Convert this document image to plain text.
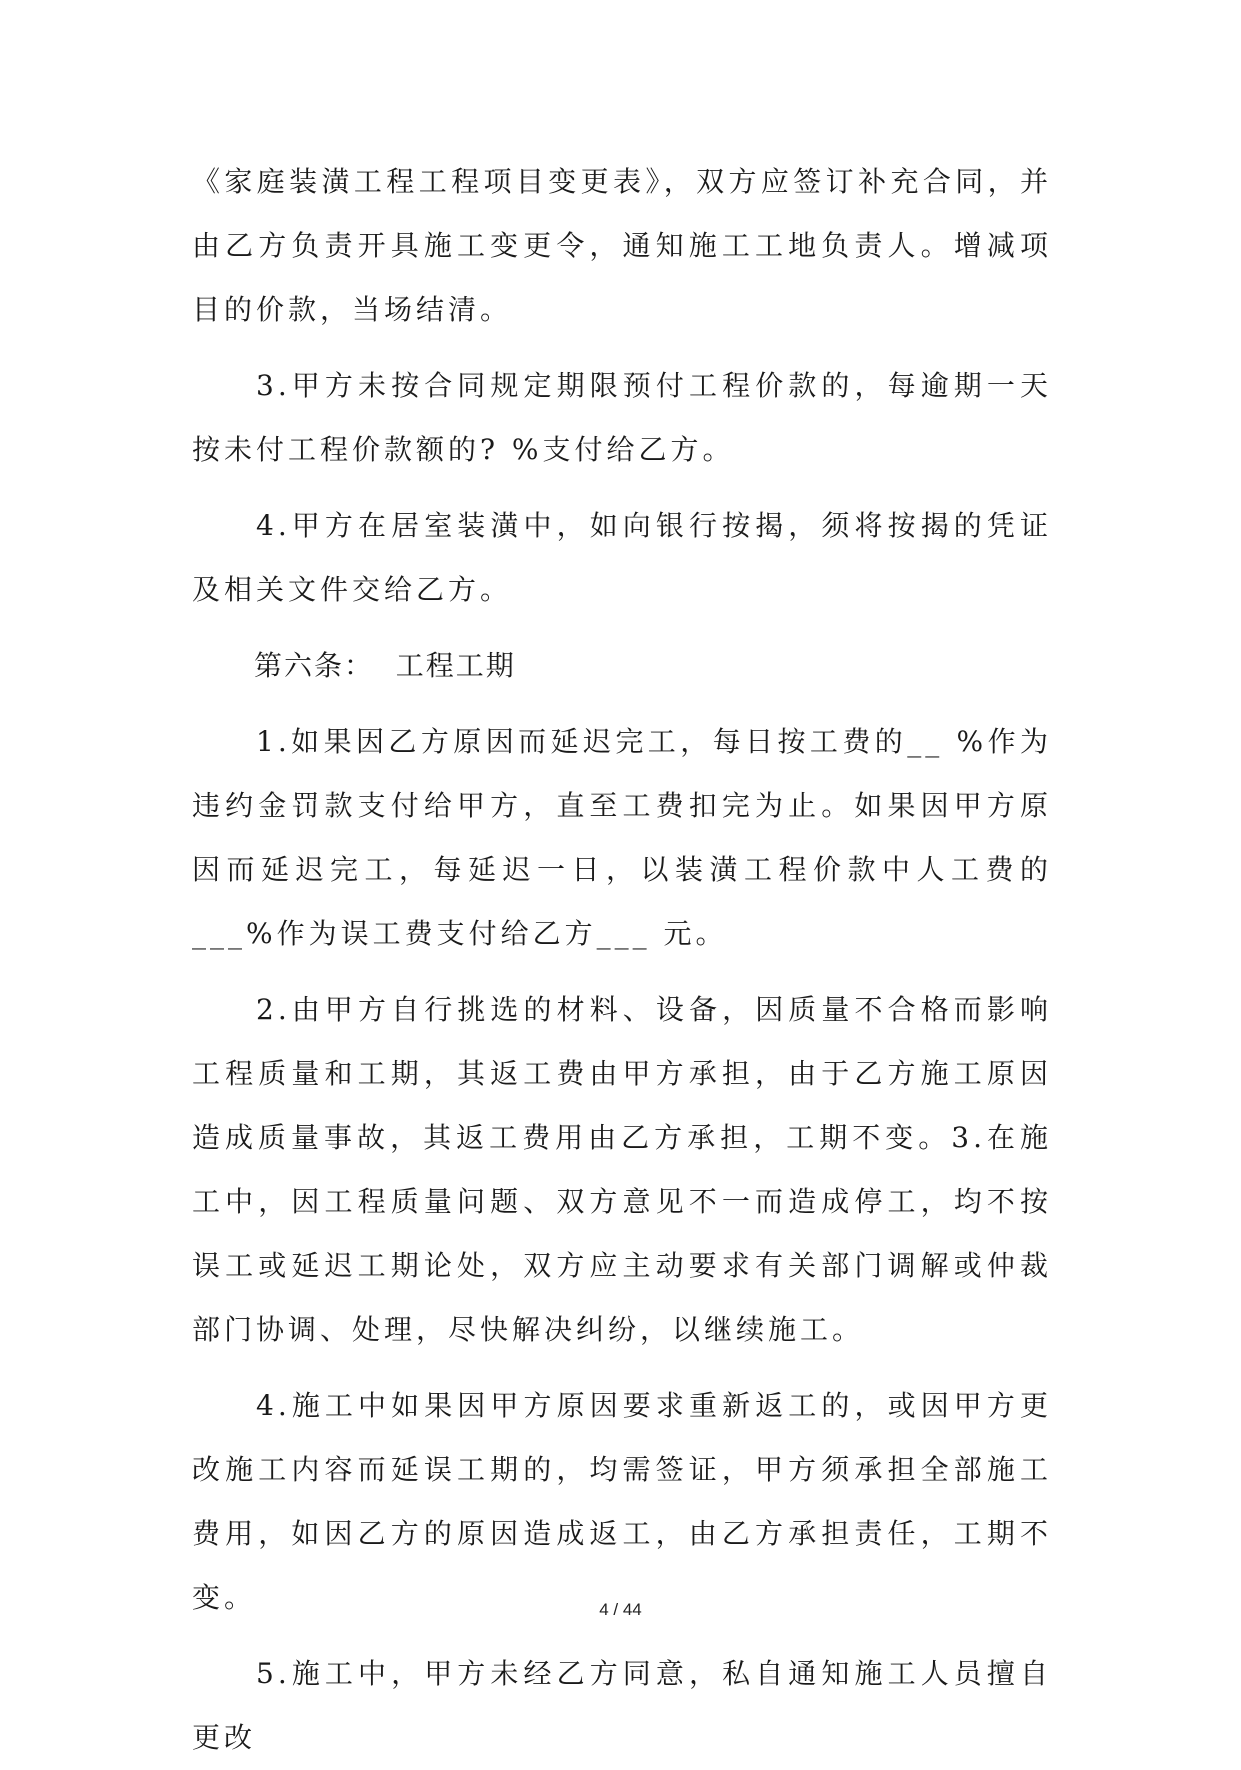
《家庭装潢工程工程项目变更表》，双方应签订补充合同，并由乙方负责开具施工变更令，通知施工工地负责人。增减项目的价款，当场结清。

3.甲方未按合同规定期限预付工程价款的，每逾期一天按未付工程价款额的? %支付给乙方。

4.甲方在居室装潢中，如向银行按揭，须将按揭的凭证及相关文件交给乙方。

第六条：  工程工期

1.如果因乙方原因而延迟完工，每日按工费的__ %作为违约金罚款支付给甲方，直至工费扣完为止。如果因甲方原因而延迟完工，每延迟一日，以装潢工程价款中人工费的___%作为误工费支付给乙方___ 元。

2.由甲方自行挑选的材料、设备，因质量不合格而影响工程质量和工期，其返工费由甲方承担，由于乙方施工原因造成质量事故，其返工费用由乙方承担，工期不变。3.在施工中，因工程质量问题、双方意见不一而造成停工，均不按误工或延迟工期论处，双方应主动要求有关部门调解或仲裁部门协调、处理，尽快解决纠纷，以继续施工。

4.施工中如果因甲方原因要求重新返工的，或因甲方更改施工内容而延误工期的，均需签证，甲方须承担全部施工费用，如因乙方的原因造成返工，由乙方承担责任，工期不变。

5.施工中，甲方未经乙方同意，私自通知施工人员擅自更改

4 / 44
